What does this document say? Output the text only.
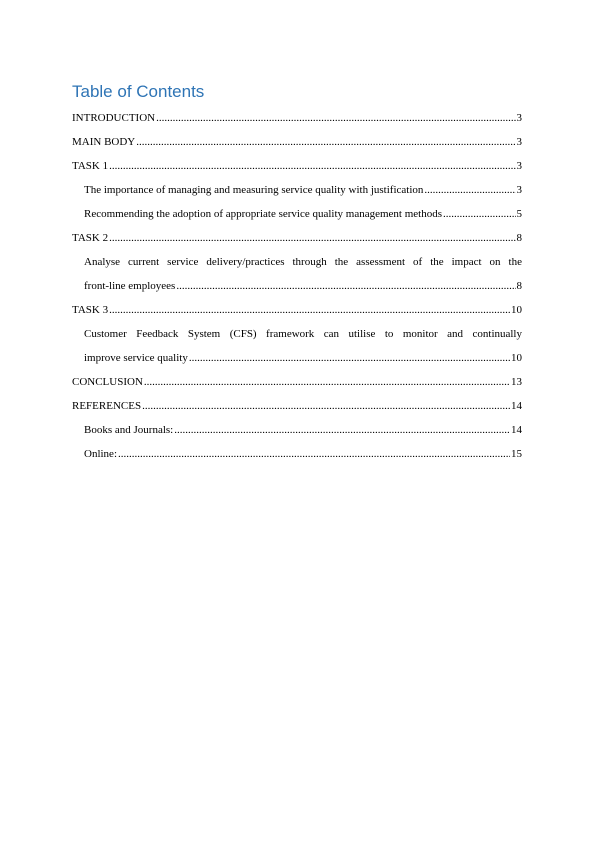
Table of Contents
INTRODUCTION .....	3
MAIN BODY .....	3
TASK 1 .....	3
The importance of managing and measuring service quality with justification .....	3
Recommending the adoption of appropriate service quality management methods .....	5
TASK 2 .....	8
Analyse current service delivery/practices through the assessment of the impact on the
front-line employees .....	8
TASK 3 .....	10
Customer Feedback System (CFS) framework can utilise to monitor and continually
improve service quality .....	10
CONCLUSION .....	13
REFERENCES .....	14
Books and Journals: .....	14
Online: .....	15
